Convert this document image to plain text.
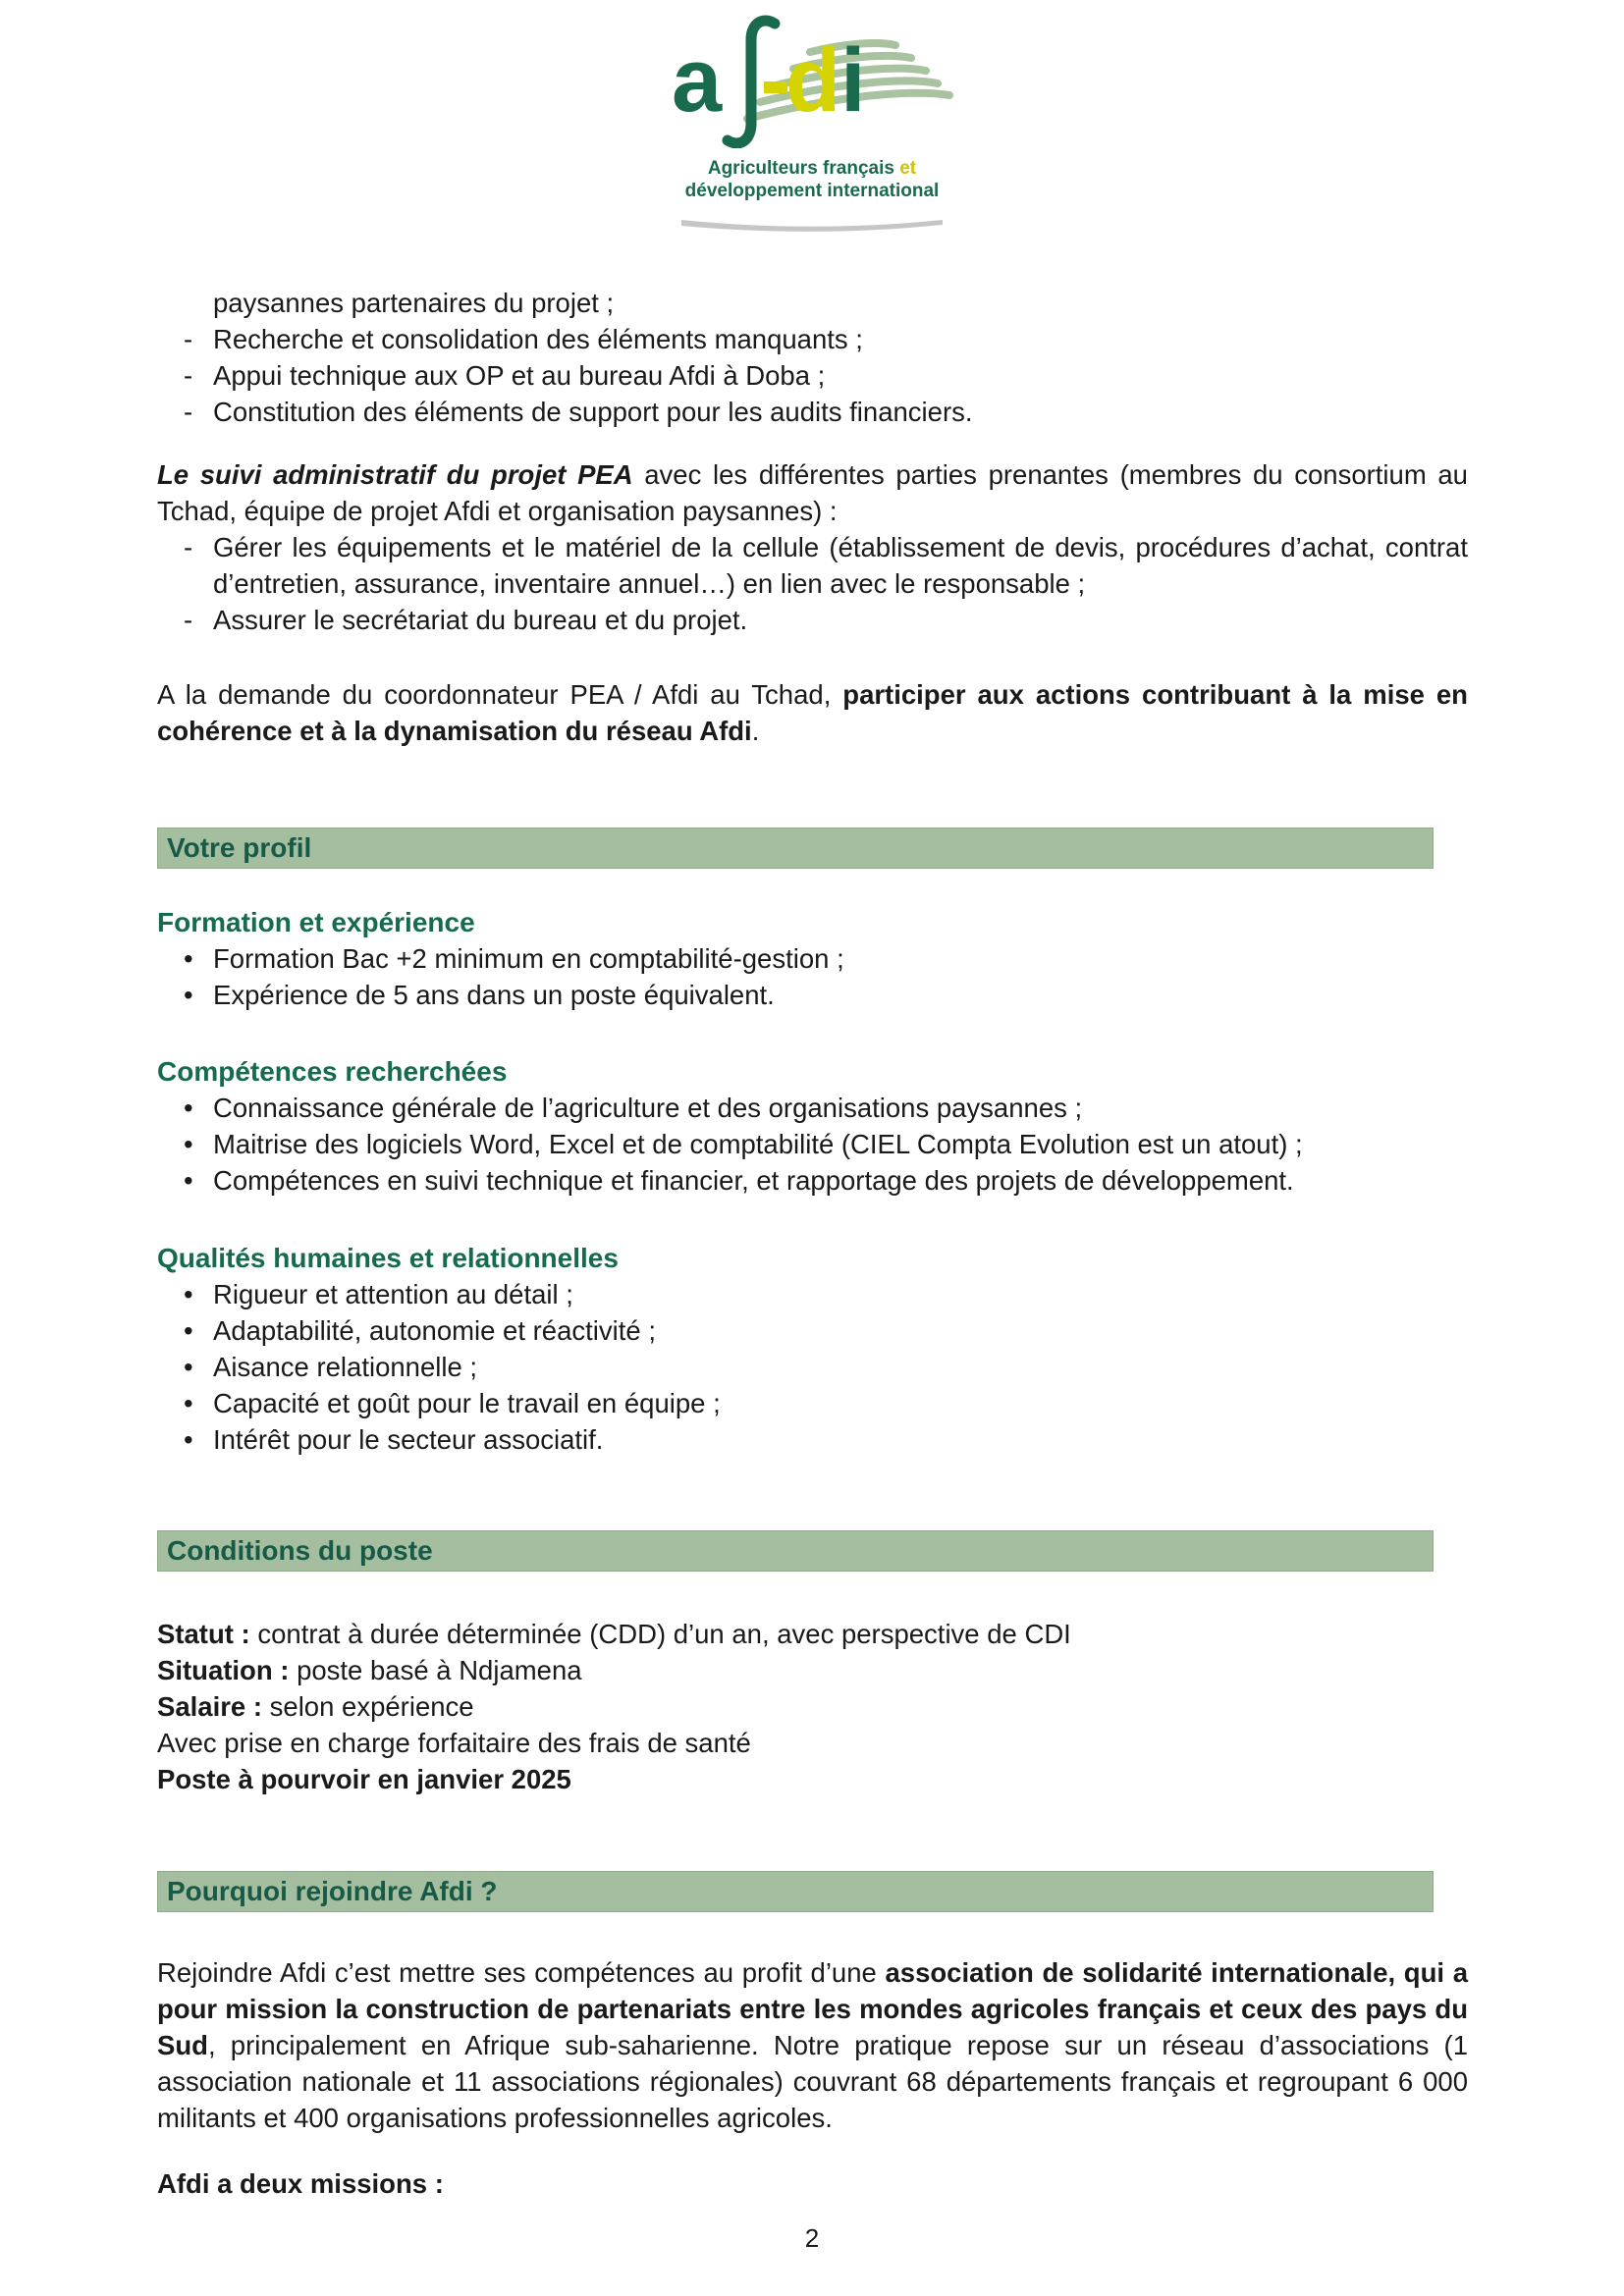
a d i
Agriculteurs français et
développement international
paysannes partenaires du projet ;
- Recherche et consolidation des éléments manquants ;
- Appui technique aux OP et au bureau Afdi à Doba ;
- Constitution des éléments de support pour les audits financiers.

Le suivi administratif du projet PEA avec les différentes parties prenantes (membres du consortium au Tchad, équipe de projet Afdi et organisation paysannes) :

- Gérer les équipements et le matériel de la cellule (établissement de devis, procédures d’achat, contrat d’entretien, assurance, inventaire annuel…) en lien avec le responsable ;
- Assurer le secrétariat du bureau et du projet.

A la demande du coordonnateur PEA / Afdi au Tchad, participer aux actions contribuant à la mise en cohérence et à la dynamisation du réseau Afdi.

Votre profil
Formation et expérience
• Formation Bac +2 minimum en comptabilité-gestion ;
• Expérience de 5 ans dans un poste équivalent.
Compétences recherchées
• Connaissance générale de l’agriculture et des organisations paysannes ;
• Maitrise des logiciels Word, Excel et de comptabilité (CIEL Compta Evolution est un atout) ;
• Compétences en suivi technique et financier, et rapportage des projets de développement.
Qualités humaines et relationnelles
• Rigueur et attention au détail ;
• Adaptabilité, autonomie et réactivité ;
• Aisance relationnelle ;
• Capacité et goût pour le travail en équipe ;
• Intérêt pour le secteur associatif.
Conditions du poste

Statut : contrat à durée déterminée (CDD) d’un an, avec perspective de CDI

Situation : poste basé à Ndjamena

Salaire : selon expérience

Avec prise en charge forfaitaire des frais de santé

Poste à pourvoir en janvier 2025

Pourquoi rejoindre Afdi ?

Rejoindre Afdi c’est mettre ses compétences au profit d’une association de solidarité internationale, qui a pour mission la construction de partenariats entre les mondes agricoles français et ceux des pays du Sud, principalement en Afrique sub-saharienne. Notre pratique repose sur un réseau d’associations (1 association nationale et 11 associations régionales) couvrant 68 départements français et regroupant 6 000 militants et 400 organisations professionnelles agricoles.

Afdi a deux missions :

2
